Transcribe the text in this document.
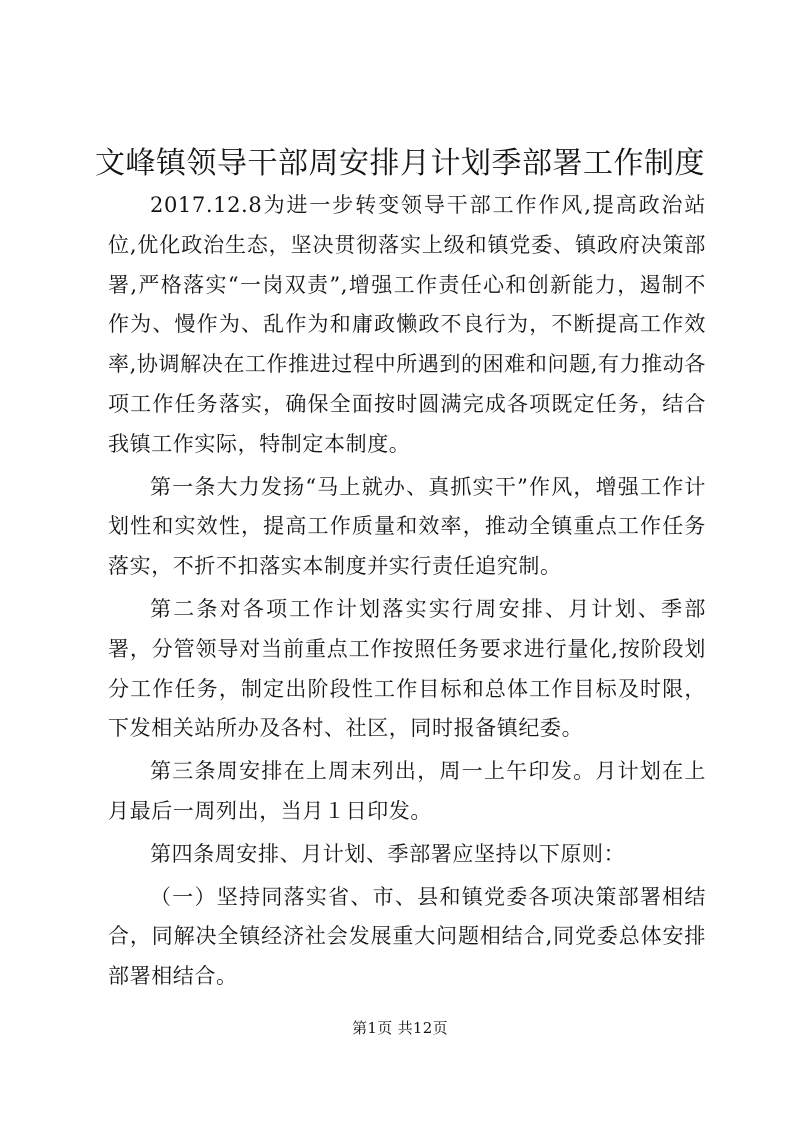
文峰镇领导干部周安排月计划季部署工作制度

2017.12.8为进一步转变领导干部工作作风,提高政治站位,优化政治生态，坚决贯彻落实上级和镇党委、镇政府决策部署,严格落实“一岗双责”,增强工作责任心和创新能力，遏制不作为、慢作为、乱作为和庸政懒政不良行为，不断提高工作效率,协调解决在工作推进过程中所遇到的困难和问题,有力推动各项工作任务落实，确保全面按时圆满完成各项既定任务，结合我镇工作实际，特制定本制度。

第一条大力发扬“马上就办、真抓实干”作风，增强工作计划性和实效性，提高工作质量和效率，推动全镇重点工作任务落实，不折不扣落实本制度并实行责任追究制。

第二条对各项工作计划落实实行周安排、月计划、季部署，分管领导对当前重点工作按照任务要求进行量化,按阶段划分工作任务，制定出阶段性工作目标和总体工作目标及时限，下发相关站所办及各村、社区，同时报备镇纪委。

第三条周安排在上周末列出，周一上午印发。月计划在上月最后一周列出，当月１日印发。

第四条周安排、月计划、季部署应坚持以下原则：

（一）坚持同落实省、市、县和镇党委各项决策部署相结合，同解决全镇经济社会发展重大问题相结合,同党委总体安排部署相结合。

第1页 共12页
